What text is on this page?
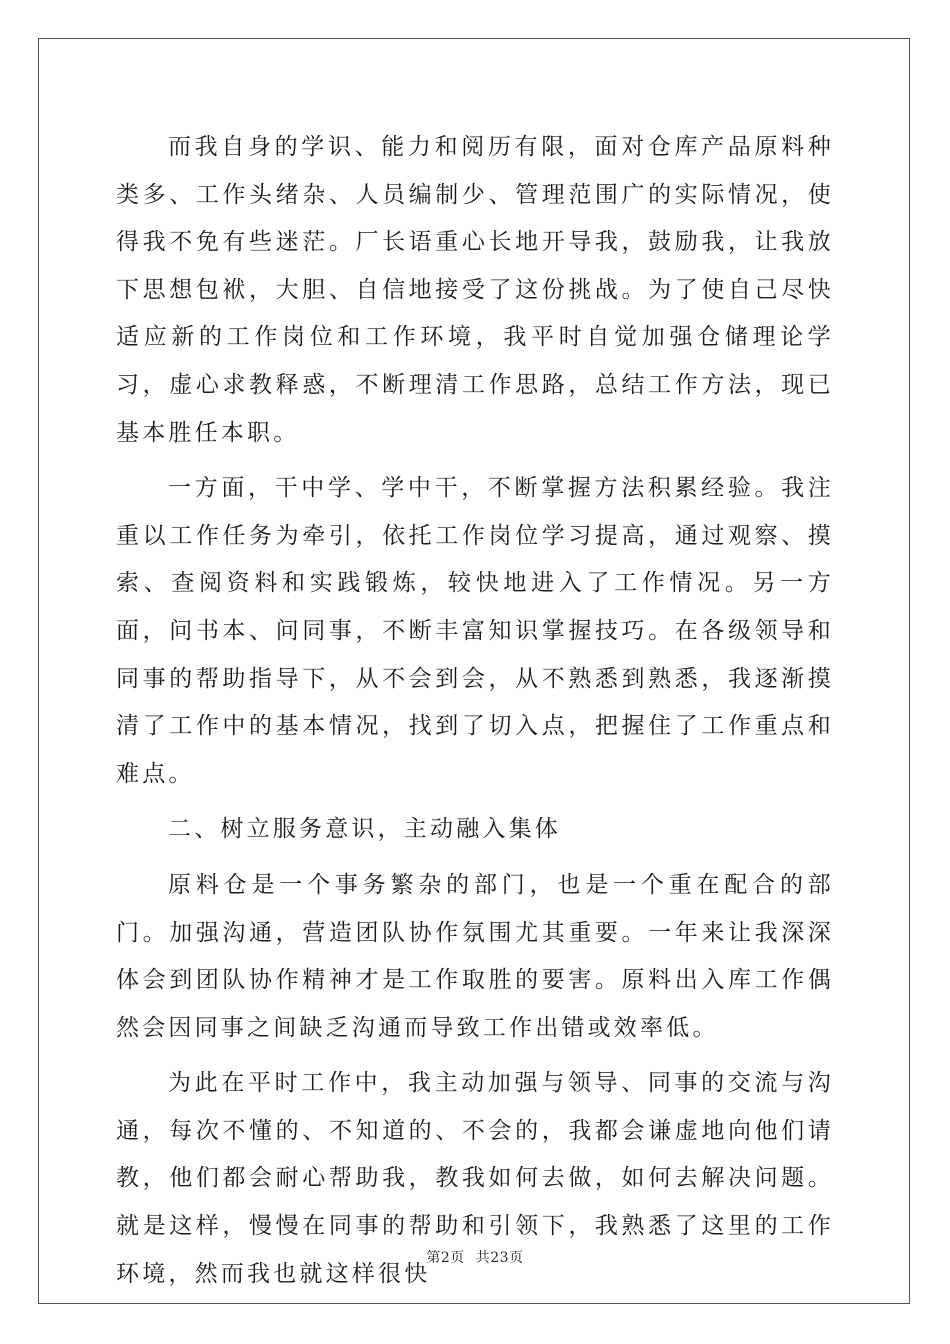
而我自身的学识、能力和阅历有限，面对仓库产品原料种类多、工作头绪杂、人员编制少、管理范围广的实际情况，使得我不免有些迷茫。厂长语重心长地开导我，鼓励我，让我放下思想包袱，大胆、自信地接受了这份挑战。为了使自己尽快适应新的工作岗位和工作环境，我平时自觉加强仓储理论学习，虚心求教释惑，不断理清工作思路，总结工作方法，现已基本胜任本职。

一方面，干中学、学中干，不断掌握方法积累经验。我注重以工作任务为牵引，依托工作岗位学习提高，通过观察、摸索、查阅资料和实践锻炼，较快地进入了工作情况。另一方面，问书本、问同事，不断丰富知识掌握技巧。在各级领导和同事的帮助指导下，从不会到会，从不熟悉到熟悉，我逐渐摸清了工作中的基本情况，找到了切入点，把握住了工作重点和难点。

二、树立服务意识，主动融入集体

原料仓是一个事务繁杂的部门，也是一个重在配合的部门。加强沟通，营造团队协作氛围尤其重要。一年来让我深深体会到团队协作精神才是工作取胜的要害。原料出入库工作偶然会因同事之间缺乏沟通而导致工作出错或效率低。

为此在平时工作中，我主动加强与领导、同事的交流与沟通，每次不懂的、不知道的、不会的，我都会谦虚地向他们请教，他们都会耐心帮助我，教我如何去做，如何去解决问题。就是这样，慢慢在同事的帮助和引领下，我熟悉了这里的工作环境，然而我也就这样很快

第2页 共23页
